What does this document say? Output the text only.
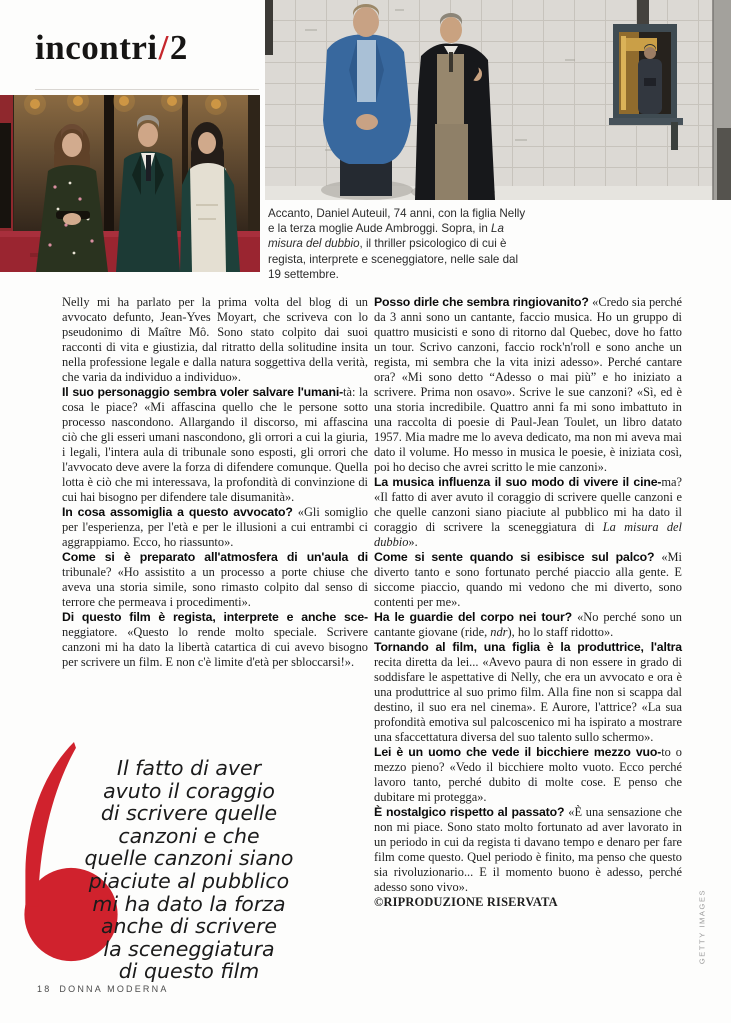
incontri/2
Accanto, Daniel Auteuil, 74 anni, con la figlia Nelly e la terza moglie Aude Ambroggi. Sopra, in La misura del dubbio, il thriller psicologico di cui è regista, interprete e sceneggiatore, nelle sale dal 19 settembre.

Nelly mi ha parlato per la prima volta del blog di un avvocato defunto, Jean-Yves Moyart, che scriveva con lo pseudonimo di Maître Mô. Sono stato colpito dai suoi racconti di vita e giustizia, dal ritratto della solitudine insita nella professione legale e dalla natura soggettiva della verità, che varia da individuo a individuo».

Il suo personaggio sembra voler salvare l'umani-tà: la cosa le piace? «Mi affascina quello che le persone sotto processo nascondono. Allargando il discorso, mi affascina ciò che gli esseri umani nascondono, gli orrori a cui la giuria, i legali, l'intera aula di tribunale sono esposti, gli orrori che l'avvocato deve avere la forza di difendere comunque. Quella lotta è ciò che mi interessava, la profondità di convinzione di cui hai bisogno per difendere tale disumanità».

In cosa assomiglia a questo avvocato? «Gli somiglio per l'esperienza, per l'età e per le illusioni a cui entrambi ci aggrappiamo. Ecco, ho riassunto».

Come si è preparato all'atmosfera di un'aula di tribunale? «Ho assistito a un processo a porte chiuse che aveva una storia simile, sono rimasto colpito dal senso di terrore che permeava i procedimenti».

Di questo film è regista, interprete e anche sce-neggiatore. «Questo lo rende molto speciale. Scrivere canzoni mi ha dato la libertà catartica di cui avevo bisogno per scrivere un film. E non c'è limite d'età per sbloccarsi!».

Posso dirle che sembra ringiovanito? «Credo sia perché da 3 anni sono un cantante, faccio musica. Ho un gruppo di quattro musicisti e sono di ritorno dal Quebec, dove ho fatto un tour. Scrivo canzoni, faccio rock'n'roll e sono anche un regista, mi sembra che la vita inizi adesso». Perché cantare ora? «Mi sono detto “Adesso o mai più” e ho iniziato a scrivere. Prima non osavo». Scrive le sue canzoni? «Sì, ed è una storia incredibile. Quattro anni fa mi sono imbattuto in una raccolta di poesie di Paul-Jean Toulet, un libro datato 1957. Mia madre me lo aveva dedicato, ma non mi aveva mai dato il volume. Ho messo in musica le poesie, è iniziata così, poi ho deciso che avrei scritto le mie canzoni».

La musica influenza il suo modo di vivere il cine-ma? «Il fatto di aver avuto il coraggio di scrivere quelle canzoni e che quelle canzoni siano piaciute al pubblico mi ha dato il coraggio di scrivere la sceneggiatura di La misura del dubbio».

Come si sente quando si esibisce sul palco? «Mi diverto tanto e sono fortunato perché piaccio alla gente. E siccome piaccio, quando mi vedono che mi diverto, sono contenti per me».

Ha le guardie del corpo nei tour? «No perché sono un cantante giovane (ride, ndr), ho lo staff ridotto».

Tornando al film, una figlia è la produttrice, l'altra recita diretta da lei... «Avevo paura di non essere in grado di soddisfare le aspettative di Nelly, che era un avvocato e ora è una produttrice al suo primo film. Alla fine non si scappa dal destino, il suo era nel cinema». E Aurore, l'attrice? «La sua profondità emotiva sul palcoscenico mi ha ispirato a mostrare una sfaccettatura diversa del suo talento sullo schermo».

Lei è un uomo che vede il bicchiere mezzo vuo-to o mezzo pieno? «Vedo il bicchiere molto vuoto. Ecco perché lavoro tanto, perché dubito di molte cose. E penso che dubitare mi protegga».

È nostalgico rispetto al passato? «È una sensazione che non mi piace. Sono stato molto fortunato ad aver lavorato in un periodo in cui da regista ti davano tempo e denaro per fare film come questo. Quel periodo è finito, ma penso che questo sia rivoluzionario... E il momento buono è adesso, perché adesso sono vivo».

©RIPRODUZIONE RISERVATA

Il fatto di aver
avuto il coraggio
di scrivere quelle
canzoni e che
quelle canzoni siano
piaciute al pubblico
mi ha dato la forza
anche di scrivere
la sceneggiatura
di questo film
18 DONNA MODERNA
GETTY IMAGES
